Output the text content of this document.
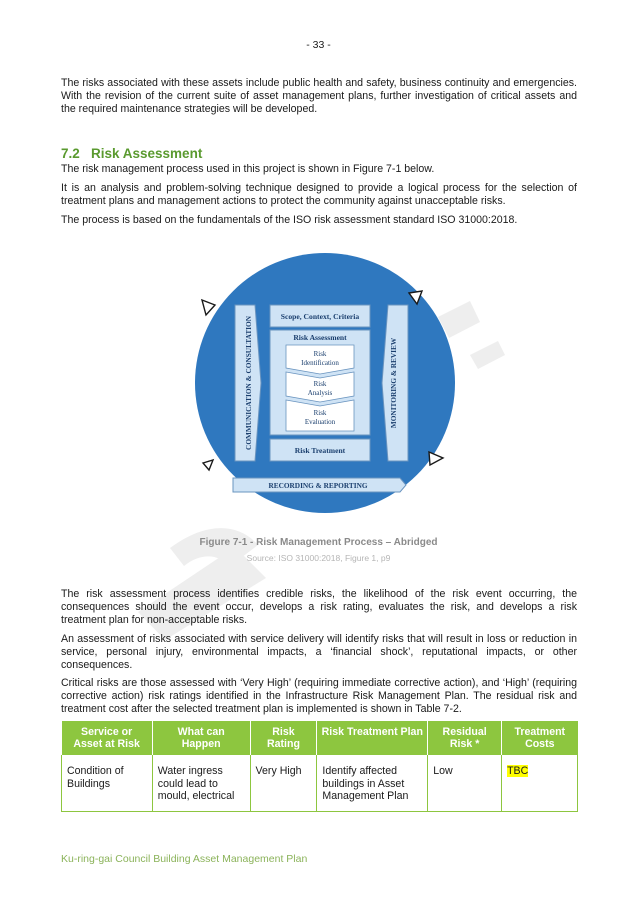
- 33 -

The risks associated with these assets include public health and safety, business continuity and emergencies. With the revision of the current suite of asset management plans, further investigation of critical assets and the required maintenance strategies will be developed.

7.2 Risk Assessment

The risk management process used in this project is shown in Figure 7-1 below.

It is an analysis and problem-solving technique designed to provide a logical process for the selection of treatment plans and management actions to protect the community against unacceptable risks.

The process is based on the fundamentals of the ISO risk assessment standard ISO 31000:2018.

COMMUNICATION & CONSULTATION	MONITORING & REVIEW
Scope, Context, Criteria
Risk Assessment
Risk
Identification
Risk
Analysis
Risk
Evaluation
Risk Treatment
RECORDING & REPORTING
Figure 7-1 - Risk Management Process – Abridged
Source: ISO 31000:2018, Figure 1, p9

The risk assessment process identifies credible risks, the likelihood of the risk event occurring, the consequences should the event occur, develops a risk rating, evaluates the risk, and develops a risk treatment plan for non-acceptable risks.

An assessment of risks associated with service delivery will identify risks that will result in loss or reduction in service, personal injury, environmental impacts, a ‘financial shock’, reputational impacts, or other consequences.

Critical risks are those assessed with ‘Very High’ (requiring immediate corrective action), and ‘High’ (requiring corrective action) risk ratings identified in the Infrastructure Risk Management Plan. The residual risk and treatment cost after the selected treatment plan is implemented is shown in Table 7-2.

Service or Asset at Risk	What can Happen	Risk Rating	Risk Treatment Plan	Residual Risk *	Treatment Costs
Condition of Buildings	Water ingress could lead to mould, electrical	Very High	Identify affected buildings in Asset Management Plan	Low	TBC
Ku-ring-gai Council Building Asset Management Plan
